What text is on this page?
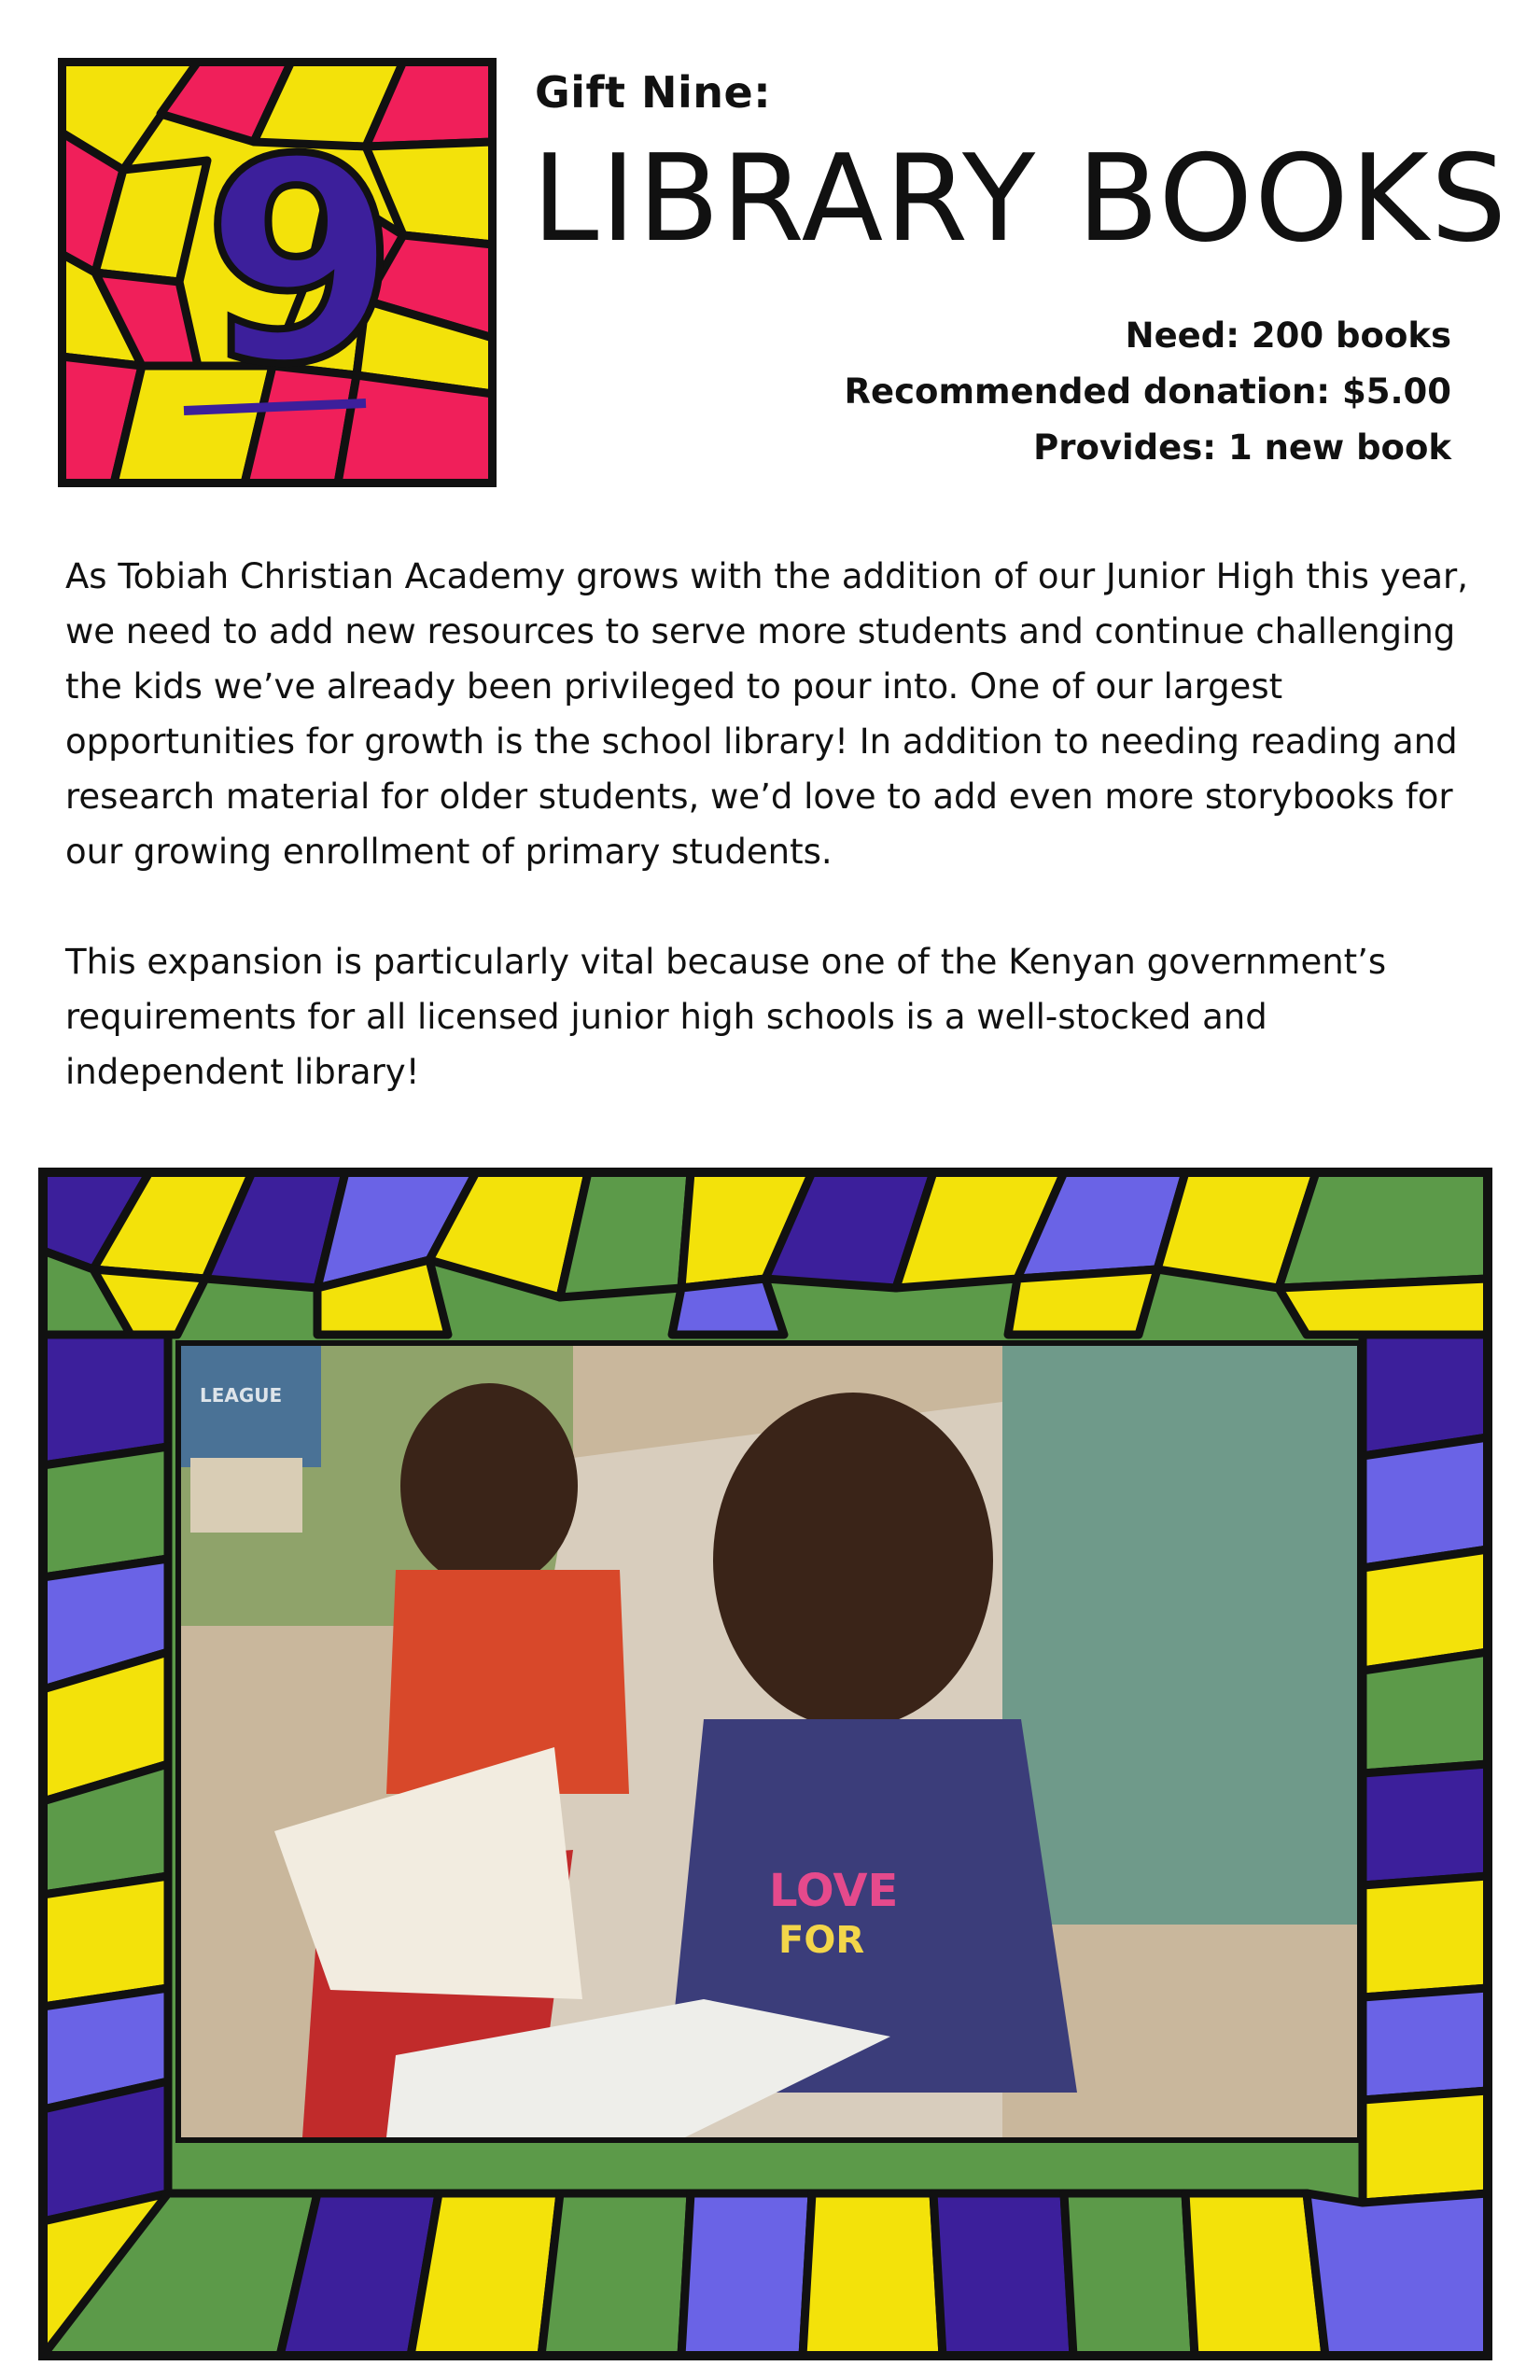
9
Gift Nine:
LIBRARY BOOKS
Need: 200 books
Recommended donation: $5.00
Provides: 1 new book

As Tobiah Christian Academy grows with the addition of our Junior High this year, we need to add new resources to serve more students and continue challenging the kids we’ve already been privileged to pour into. One of our largest opportunities for growth is the school library! In addition to needing reading and research material for older students, we’d love to add even more storybooks for our growing enrollment of primary students.

This expansion is particularly vital because one of the Kenyan government’s requirements for all licensed junior high schools is a well-stocked and independent library!

LOVE
FOR
LEAGUE
